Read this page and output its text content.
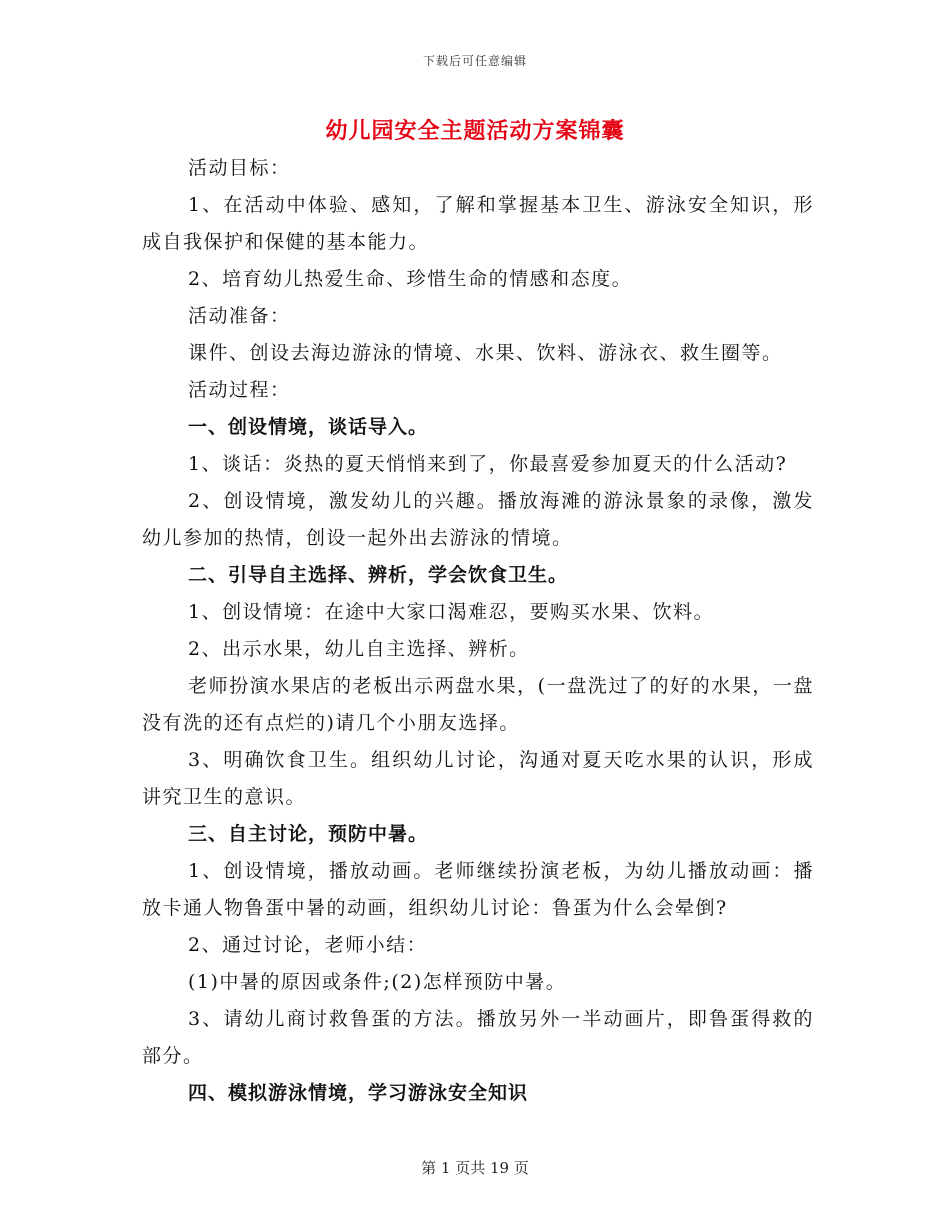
下载后可任意编辑
幼儿园安全主题活动方案锦囊

活动目标：

1、在活动中体验、感知，了解和掌握基本卫生、游泳安全知识，形成自我保护和保健的基本能力。

2、培育幼儿热爱生命、珍惜生命的情感和态度。

活动准备：

课件、创设去海边游泳的情境、水果、饮料、游泳衣、救生圈等。

活动过程：

一、创设情境，谈话导入。

1、谈话：炎热的夏天悄悄来到了，你最喜爱参加夏天的什么活动?

2、创设情境，激发幼儿的兴趣。播放海滩的游泳景象的录像，激发幼儿参加的热情，创设一起外出去游泳的情境。

二、引导自主选择、辨析，学会饮食卫生。

1、创设情境：在途中大家口渴难忍，要购买水果、饮料。

2、出示水果，幼儿自主选择、辨析。

老师扮演水果店的老板出示两盘水果，(一盘洗过了的好的水果，一盘没有洗的还有点烂的)请几个小朋友选择。

3、明确饮食卫生。组织幼儿讨论，沟通对夏天吃水果的认识，形成讲究卫生的意识。

三、自主讨论，预防中暑。

1、创设情境，播放动画。老师继续扮演老板，为幼儿播放动画：播放卡通人物鲁蛋中暑的动画，组织幼儿讨论：鲁蛋为什么会晕倒?

2、通过讨论，老师小结：

(1)中暑的原因或条件;(2)怎样预防中暑。

3、请幼儿商讨救鲁蛋的方法。播放另外一半动画片，即鲁蛋得救的部分。

四、模拟游泳情境，学习游泳安全知识

第 1 页共 19 页
